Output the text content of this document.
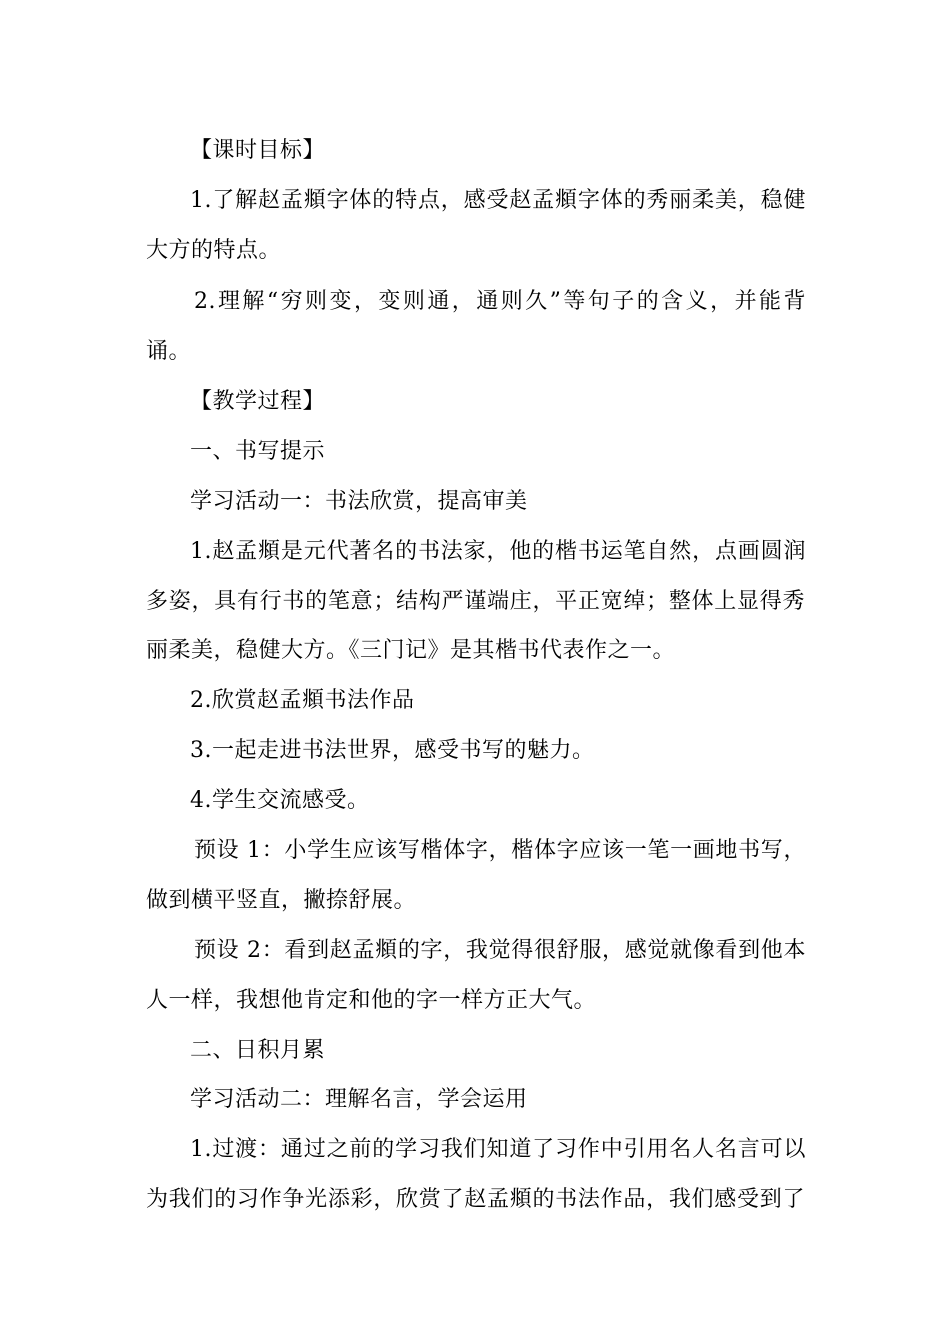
【课时目标】
1.了解赵孟頫字体的特点，感受赵孟頫字体的秀丽柔美，稳健
大方的特点。
2.理解“穷则变，变则通，通则久”等句子的含义，并能背
诵。
【教学过程】
一、书写提示
学习活动一：书法欣赏，提高审美
1.赵孟頫是元代著名的书法家，他的楷书运笔自然，点画圆润
多姿，具有行书的笔意；结构严谨端庄，平正宽绰；整体上显得秀
丽柔美，稳健大方。《三门记》是其楷书代表作之一。
2.欣赏赵孟頫书法作品
3.一起走进书法世界，感受书写的魅力。
4.学生交流感受。
预设 1：小学生应该写楷体字，楷体字应该一笔一画地书写，
做到横平竖直，撇捺舒展。
预设 2：看到赵孟頫的字，我觉得很舒服，感觉就像看到他本
人一样，我想他肯定和他的字一样方正大气。
二、日积月累
学习活动二：理解名言，学会运用
1.过渡：通过之前的学习我们知道了习作中引用名人名言可以
为我们的习作争光添彩，欣赏了赵孟頫的书法作品，我们感受到了
